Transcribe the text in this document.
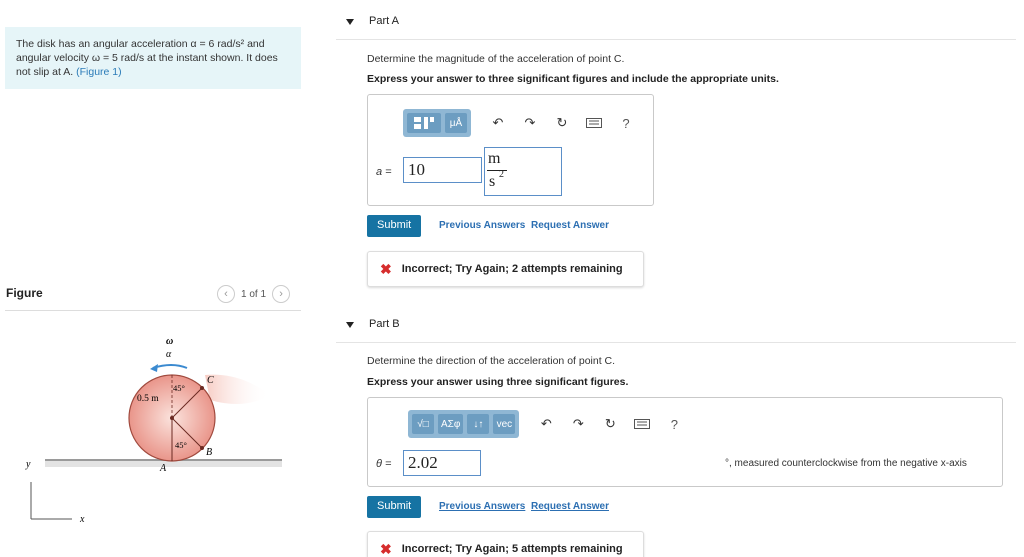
The disk has an angular acceleration α = 6 rad/s² and
angular velocity ω = 5 rad/s at the instant shown. It does
not slip at A. (Figure 1)
Figure	‹	1 of 1	›
ω
α
C
B
A
0.5 m
45°
45°
y
x
Part A
Determine the magnitude of the acceleration of point C.
Express your answer to three significant figures and include the appropriate units.
μÅ	↶ ↷ ↻	?
a = 10
m
s 2
Submit	Previous Answers Request Answer
✖ Incorrect; Try Again; 2 attempts remaining
Part B
Determine the direction of the acceleration of point C.
Express your answer using three significant figures.
√□	ΑΣφ	↓↑	vec ↶ ↷ ↻	?
θ = 2.02	°, measured counterclockwise from the negative x-axis
Submit	Previous Answers Request Answer
✖ Incorrect; Try Again; 5 attempts remaining
